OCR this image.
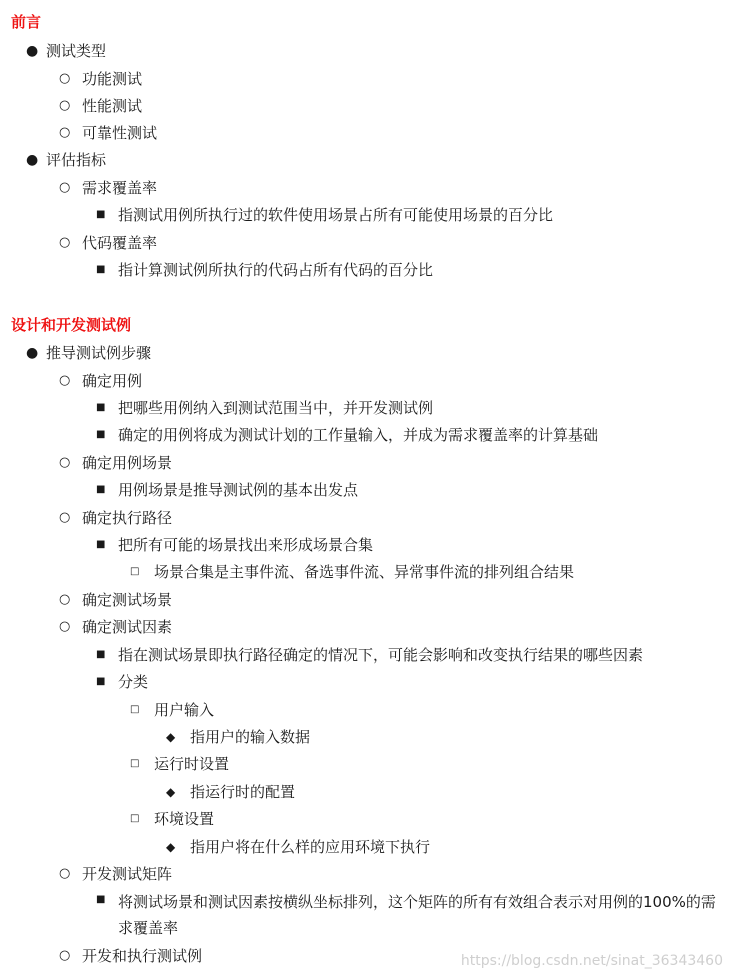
前言
● 测试类型
○ 功能测试
○ 性能测试
○ 可靠性测试
● 评估指标
○ 需求覆盖率
■ 指测试用例所执行过的软件使用场景占所有可能使用场景的百分比
○ 代码覆盖率
■ 指计算测试例所执行的代码占所有代码的百分比
设计和开发测试例
● 推导测试例步骤
○ 确定用例
■ 把哪些用例纳入到测试范围当中，并开发测试例
■ 确定的用例将成为测试计划的工作量输入，并成为需求覆盖率的计算基础
○ 确定用例场景
■ 用例场景是推导测试例的基本出发点
○ 确定执行路径
■ 把所有可能的场景找出来形成场景合集
□ 场景合集是主事件流、备选事件流、异常事件流的排列组合结果
○ 确定测试场景
○ 确定测试因素
■ 指在测试场景即执行路径确定的情况下，可能会影响和改变执行结果的哪些因素
■ 分类
□ 用户输入
◆ 指用户的输入数据
□ 运行时设置
◆ 指运行时的配置
□ 环境设置
◆ 指用户将在什么样的应用环境下执行
○ 开发测试矩阵
■ 将测试场景和测试因素按横纵坐标排列，这个矩阵的所有有效组合表示对用例的100%的需求覆盖率
○ 开发和执行测试例	https://blog.csdn.net/sinat_36343460
